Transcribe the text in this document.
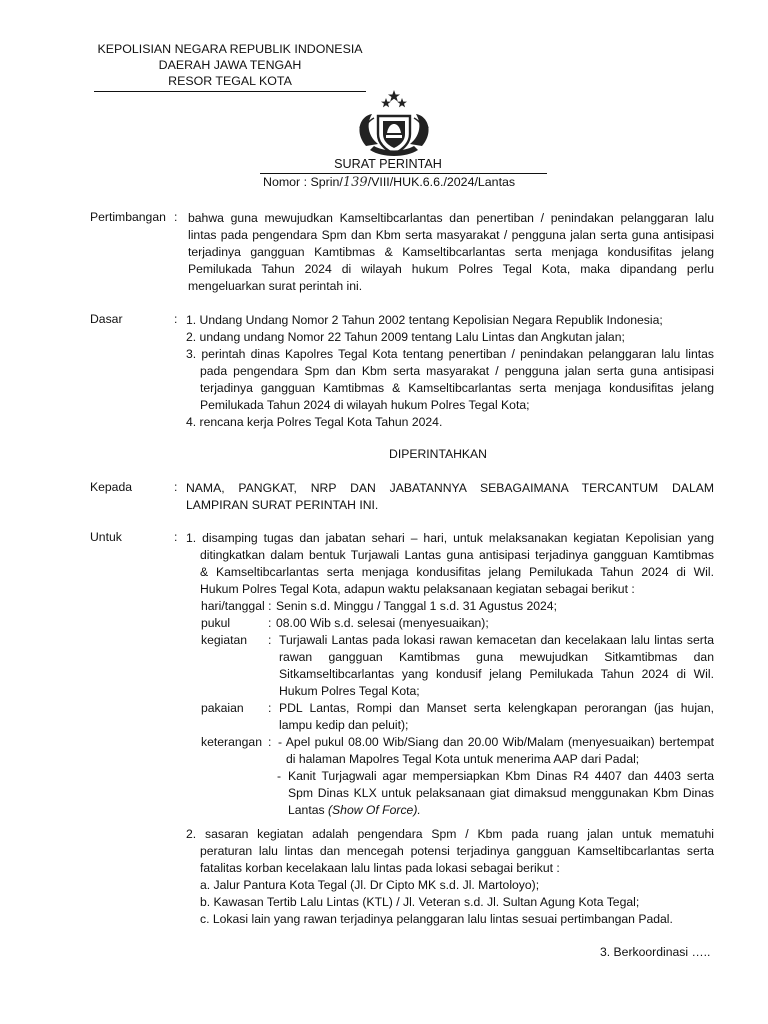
KEPOLISIAN NEGARA REPUBLIK INDONESIA
DAERAH JAWA TENGAH
RESOR TEGAL KOTA
SURAT PERINTAH
Nomor : Sprin/139/VIII/HUK.6.6./2024/Lantas
Pertimbangan : bahwa guna mewujudkan Kamseltibcarlantas dan penertiban / penindakan pelanggaran lalu
lintas pada pengendara Spm dan Kbm serta masyarakat / pengguna jalan serta guna antisipasi
terjadinya gangguan Kamtibmas & Kamseltibcarlantas serta menjaga kondusifitas jelang
Pemilukada Tahun 2024 di wilayah hukum Polres Tegal Kota, maka dipandang perlu
mengeluarkan surat perintah ini.
Dasar	: 1. Undang Undang Nomor 2 Tahun 2002 tentang Kepolisian Negara Republik Indonesia;
2. undang undang Nomor 22 Tahun 2009 tentang Lalu Lintas dan Angkutan jalan;
3. perintah dinas Kapolres Tegal Kota tentang penertiban / penindakan pelanggaran lalu lintas
pada pengendara Spm dan Kbm serta masyarakat / pengguna jalan serta guna antisipasi
terjadinya gangguan Kamtibmas & Kamseltibcarlantas serta menjaga kondusifitas jelang
Pemilukada Tahun 2024 di wilayah hukum Polres Tegal Kota;
4. rencana kerja Polres Tegal Kota Tahun 2024.
DIPERINTAHKAN
Kepada	: NAMA, PANGKAT, NRP DAN JABATANNYA SEBAGAIMANA TERCANTUM DALAM
LAMPIRAN SURAT PERINTAH INI.
Untuk	: 1. disamping tugas dan jabatan sehari – hari, untuk melaksanakan kegiatan Kepolisian yang
ditingkatkan dalam bentuk Turjawali Lantas guna antisipasi terjadinya gangguan Kamtibmas
& Kamseltibcarlantas serta menjaga kondusifitas jelang Pemilukada Tahun 2024 di Wil.
Hukum Polres Tegal Kota, adapun waktu pelaksanaan kegiatan sebagai berikut :
hari/tanggal : Senin s.d. Minggu / Tanggal 1 s.d. 31 Agustus 2024;
pukul	: 08.00 Wib s.d. selesai (menyesuaikan);
kegiatan : Turjawali Lantas pada lokasi rawan kemacetan dan kecelakaan lalu lintas serta
rawan gangguan Kamtibmas guna mewujudkan Sitkamtibmas dan
Sitkamseltibcarlantas yang kondusif jelang Pemilukada Tahun 2024 di Wil.
Hukum Polres Tegal Kota;
pakaian : PDL Lantas, Rompi dan Manset serta kelengkapan perorangan (jas hujan,
lampu kedip dan peluit);
keterangan : - Apel pukul 08.00 Wib/Siang dan 20.00 Wib/Malam (menyesuaikan) bertempat
di halaman Mapolres Tegal Kota untuk menerima AAP dari Padal;
- Kanit Turjagwali agar mempersiapkan Kbm Dinas R4 4407 dan 4403 serta
Spm Dinas KLX untuk pelaksanaan giat dimaksud menggunakan Kbm Dinas
Lantas (Show Of Force).
2. sasaran kegiatan adalah pengendara Spm / Kbm pada ruang jalan untuk mematuhi
peraturan lalu lintas dan mencegah potensi terjadinya gangguan Kamseltibcarlantas serta
fatalitas korban kecelakaan lalu lintas pada lokasi sebagai berikut :
a. Jalur Pantura Kota Tegal (Jl. Dr Cipto MK s.d. Jl. Martoloyo);
b. Kawasan Tertib Lalu Lintas (KTL) / Jl. Veteran s.d. Jl. Sultan Agung Kota Tegal;
c. Lokasi lain yang rawan terjadinya pelanggaran lalu lintas sesuai pertimbangan Padal.
3. Berkoordinasi …..
